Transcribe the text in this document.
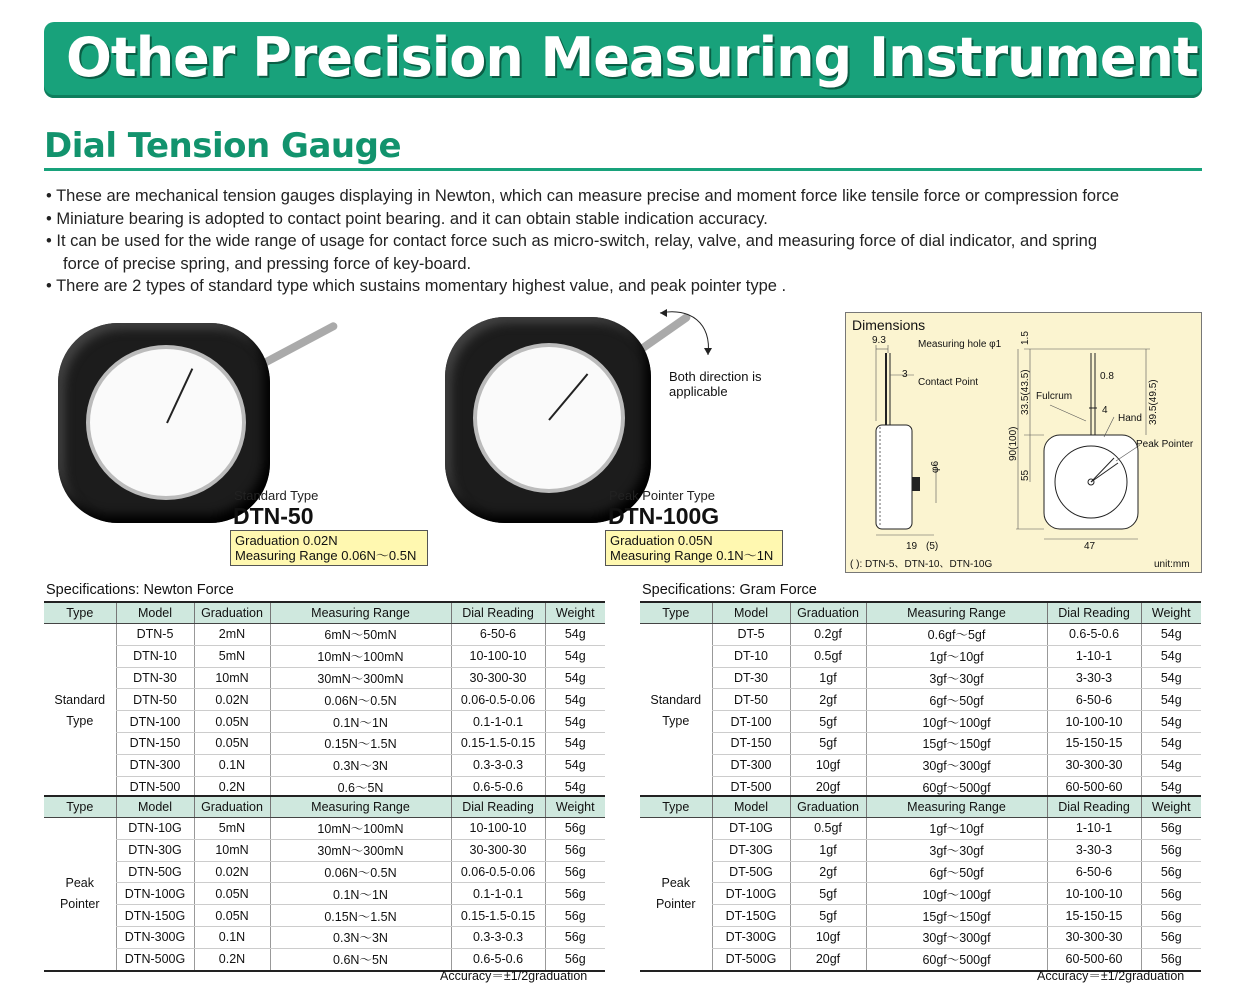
Other Precision Measuring Instrument
Dial Tension Gauge
• These are mechanical tension gauges displaying in Newton, which can measure precise and moment force like tensile force or compression force
• Miniature bearing is adopted to contact point bearing. and it can obtain stable indication accuracy.
• It can be used for the wide range of usage for contact force such as micro-switch, relay, valve, and measuring force of dial indicator, and spring
force of precise spring, and pressing force of key-board.
• There are 2 types of standard type which sustains momentary highest value, and peak pointer type .
Both direction is
applicable
Standard Type
DTN-50
Graduation 0.02N
Measuring Range 0.06N～0.5N
Peak Pointer Type
DTN-100G
Graduation 0.05N
Measuring Range 0.1N～1N
Dimensions
9.3	Measuring hole φ1
3
Contact Point
Fulcrum
0.8
4
Hand
Peak Pointer
19 (5)	47
1.5
33.5(43.5)	39.5(49.5)
90(100)
55
φ6
( ): DTN-5、DTN-10、DTN-10G	unit:mm
Specifications: Newton Force
Type	Model	Graduation	Measuring Range	Dial Reading	Weight

Standard
Type	DTN-5	2mN	6mN～50mN	6-50-6	54g
	DTN-10	5mN	10mN～100mN	10-100-10	54g
	DTN-30	10mN	30mN～300mN	30-300-30	54g
	DTN-50	0.02N	0.06N～0.5N	0.06-0.5-0.06	54g
	DTN-100	0.05N	0.1N～1N	0.1-1-0.1	54g
	DTN-150	0.05N	0.15N～1.5N	0.15-1.5-0.15	54g
	DTN-300	0.1N	0.3N～3N	0.3-3-0.3	54g
	DTN-500	0.2N	0.6～5N	0.6-5-0.6	54g
Type	Model	Graduation	Measuring Range	Dial Reading	Weight

Peak
Pointer	DTN-10G	5mN	10mN～100mN	10-100-10	56g
	DTN-30G	10mN	30mN～300mN	30-300-30	56g
	DTN-50G	0.02N	0.06N～0.5N	0.06-0.5-0.06	56g
	DTN-100G	0.05N	0.1N～1N	0.1-1-0.1	56g
	DTN-150G	0.05N	0.15N～1.5N	0.15-1.5-0.15	56g
	DTN-300G	0.1N	0.3N～3N	0.3-3-0.3	56g
	DTN-500G	0.2N	0.6N～5N	0.6-5-0.6	56g
Accuracy＝±1/2graduation
Specifications: Gram Force
Type	Model	Graduation	Measuring Range	Dial Reading	Weight

Standard
Type	DT-5	0.2gf	0.6gf～5gf	0.6-5-0.6	54g
	DT-10	0.5gf	1gf～10gf	1-10-1	54g
	DT-30	1gf	3gf～30gf	3-30-3	54g
	DT-50	2gf	6gf～50gf	6-50-6	54g
	DT-100	5gf	10gf～100gf	10-100-10	54g
	DT-150	5gf	15gf～150gf	15-150-15	54g
	DT-300	10gf	30gf～300gf	30-300-30	54g
	DT-500	20gf	60gf～500gf	60-500-60	54g
Type	Model	Graduation	Measuring Range	Dial Reading	Weight

Peak
Pointer	DT-10G	0.5gf	1gf～10gf	1-10-1	56g
	DT-30G	1gf	3gf～30gf	3-30-3	56g
	DT-50G	2gf	6gf～50gf	6-50-6	56g
	DT-100G	5gf	10gf～100gf	10-100-10	56g
	DT-150G	5gf	15gf～150gf	15-150-15	56g
	DT-300G	10gf	30gf～300gf	30-300-30	56g
	DT-500G	20gf	60gf～500gf	60-500-60	56g
Accuracy＝±1/2graduation
